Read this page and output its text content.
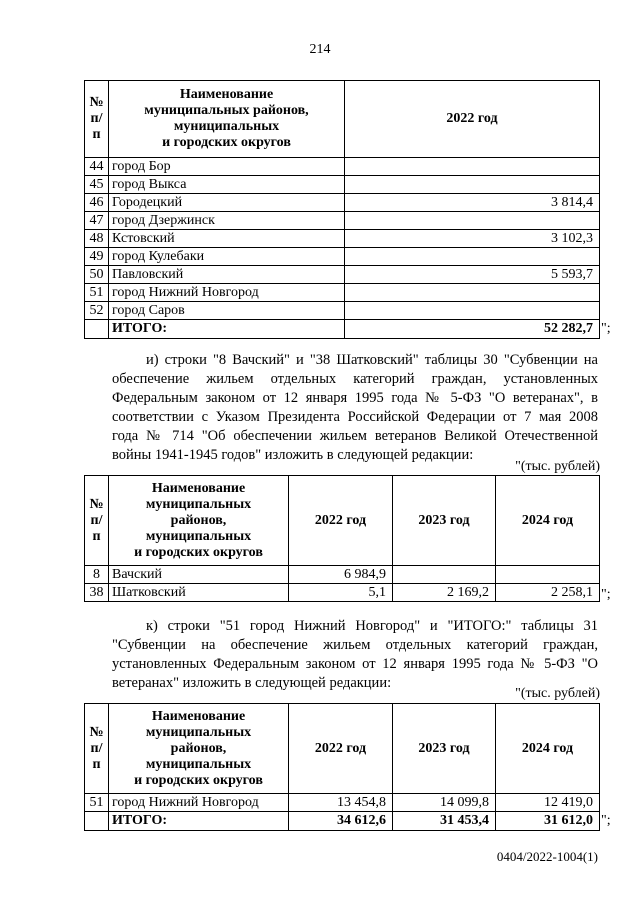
214
№ п/п	Наименование
муниципальных районов,
муниципальных
и городских округов	2022 год
44	город Бор	
45	город Выкса	
46	Городецкий	3 814,4
47	город Дзержинск	
48	Кстовский	3 102,3
49	город Кулебаки	
50	Павловский	5 593,7
51	город Нижний Новгород	
52	город Саров	
	ИТОГО:	52 282,7 ";
и) строки "8 Вачский" и "38 Шатковский" таблицы 30 "Субвенции на
обеспечение жильем отдельных категорий граждан, установленных
Федеральным законом от 12 января 1995 года № 5-ФЗ "О ветеранах", в
соответствии с Указом Президента Российской Федерации от 7 мая 2008
года № 714 "Об обеспечении жильем ветеранов Великой Отечественной
войны 1941-1945 годов" изложить в следующей редакции:
"(тыс. рублей)
№ п/п	Наименование
муниципальных
районов,
муниципальных
и городских округов	2022 год	2023 год	2024 год
8	Вачский	6 984,9		
38	Шатковский	5,1	2 169,2	2 258,1 ";
к) строки "51 город Нижний Новгород" и "ИТОГО:" таблицы 31
"Субвенции на обеспечение жильем отдельных категорий граждан,
установленных Федеральным законом от 12 января 1995 года № 5-ФЗ "О
ветеранах" изложить в следующей редакции:
"(тыс. рублей)
№ п/п	Наименование
муниципальных
районов,
муниципальных
и городских округов	2022 год	2023 год	2024 год
51	город Нижний Новгород	13 454,8	14 099,8	12 419,0
	ИТОГО:	34 612,6	31 453,4	31 612,0 ";
0404/2022-1004(1)
